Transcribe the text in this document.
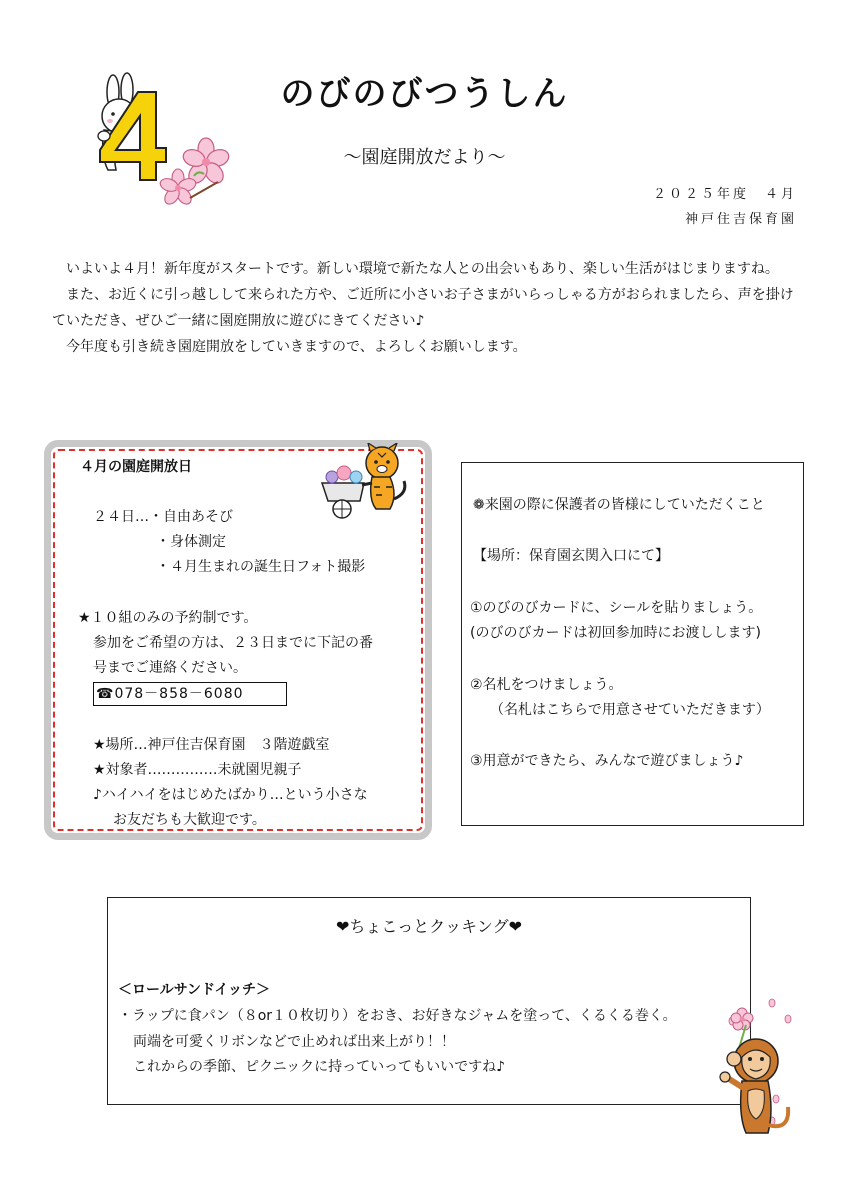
のびのびつうしん
～園庭開放だより～
２０２５年度　４月
神戸住吉保育園

いよいよ４月！新年度がスタートです。新しい環境で新たな人との出会いもあり、楽しい生活がはじまりますね。

また、お近くに引っ越しして来られた方や、ご近所に小さいお子さまがいらっしゃる方がおられましたら、声を掛けていただき、ぜひご一緒に園庭開放に遊びにきてください♪

今年度も引き続き園庭開放をしていきますので、よろしくお願いします。

４月の園庭開放日
２４日…・自由あそび
・身体測定
・４月生まれの誕生日フォト撮影
★１０組のみの予約制です。
参加をご希望の方は、２３日までに下記の番
号までご連絡ください。
☎078－858－6080
★場所…神戸住吉保育園　３階遊戯室
★対象者……………未就園児親子
♪ハイハイをはじめたばかり…という小さな
お友だちも大歓迎です。
❁来園の際に保護者の皆様にしていただくこと
【場所：保育園玄関入口にて】
①のびのびカードに、シールを貼りましょう。
(のびのびカードは初回参加時にお渡しします)
②名札をつけましょう。
（名札はこちらで用意させていただきます）
③用意ができたら、みんなで遊びましょう♪
❤ちょこっとクッキング❤
＜ロールサンドイッチ＞
・ラップに食パン（８or１０枚切り）をおき、お好きなジャムを塗って、くるくる巻く。
両端を可愛くリボンなどで止めれば出来上がり！！
これからの季節、ピクニックに持っていってもいいですね♪
